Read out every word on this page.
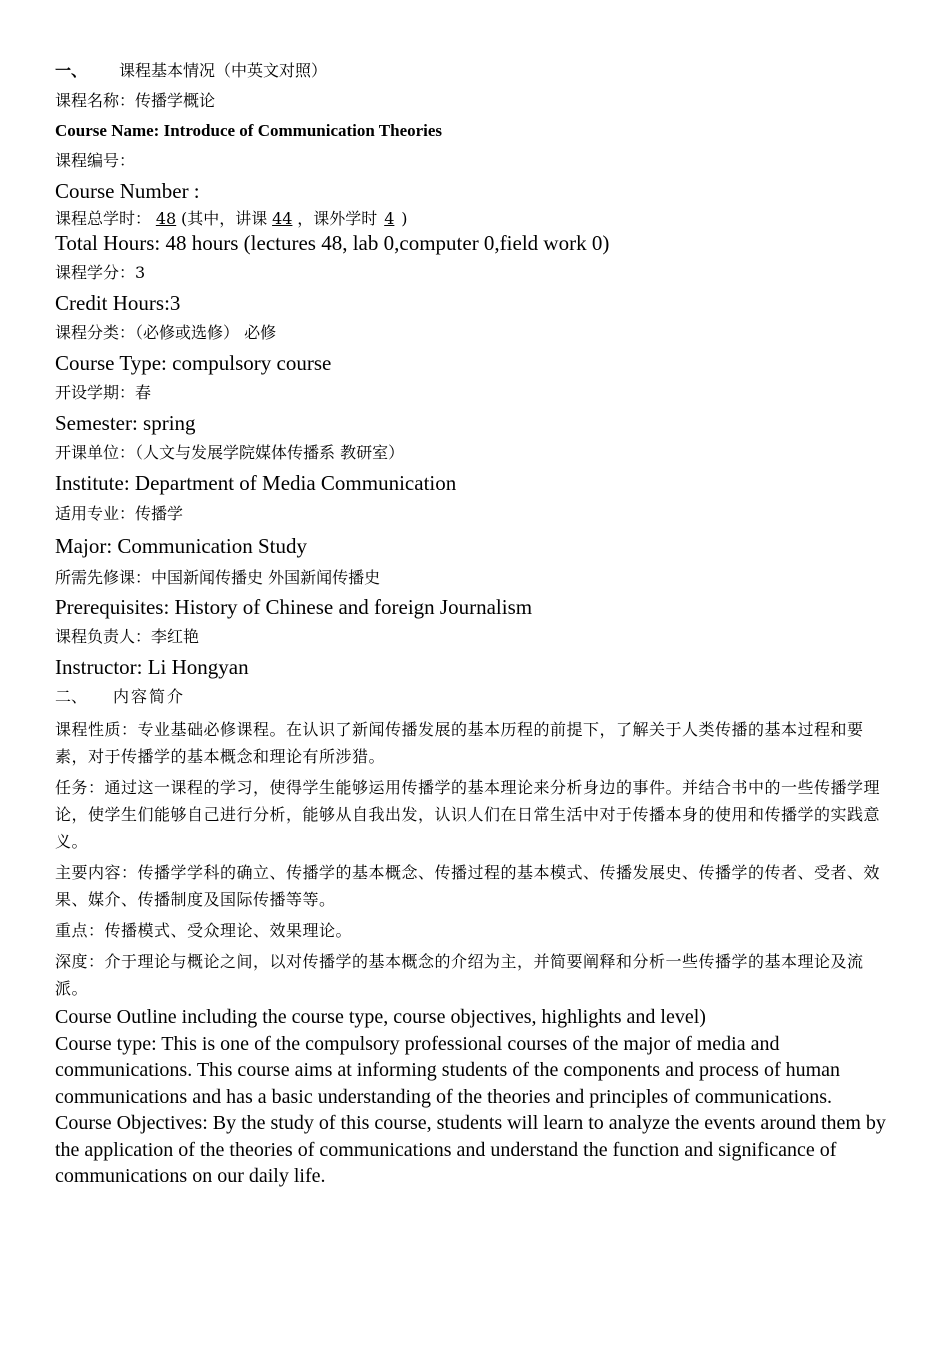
一、 课程基本情况（中英文对照）
课程名称：传播学概论
Course Name: Introduce of Communication Theories
课程编号：
Course Number :
课程总学时： 48 (其中，讲课 44 ，课外学时 4 )
Total Hours: 48 hours (lectures 48, lab 0,computer 0,field work 0)
课程学分：3
Credit Hours:3
课程分类：（必修或选修） 必修
Course Type: compulsory course
开设学期：春
Semester: spring
开课单位：（人文与发展学院媒体传播系 教研室）
Institute: Department of Media Communication
适用专业：传播学
Major: Communication Study
所需先修课：中国新闻传播史 外国新闻传播史
Prerequisites: History of Chinese and foreign Journalism
课程负责人：李红艳
Instructor: Li Hongyan
二、 内容简介
课程性质：专业基础必修课程。在认识了新闻传播发展的基本历程的前提下，了解关于人类传播的基本过程和要素，对于传播学的基本概念和理论有所涉猎。
任务：通过这一课程的学习，使得学生能够运用传播学的基本理论来分析身边的事件。并结合书中的一些传播学理论，使学生们能够自己进行分析，能够从自我出发，认识人们在日常生活中对于传播本身的使用和传播学的实践意义。
主要内容：传播学学科的确立、传播学的基本概念、传播过程的基本模式、传播发展史、传播学的传者、受者、效果、媒介、传播制度及国际传播等等。
重点：传播模式、受众理论、效果理论。
深度：介于理论与概论之间，以对传播学的基本概念的介绍为主，并简要阐释和分析一些传播学的基本理论及流派。
Course Outline including the course type, course objectives, highlights and level)
Course type: This is one of the compulsory professional courses of the major of media and communications. This course aims at informing students of the components and process of human communications and has a basic understanding of the theories and principles of communications.
Course Objectives: By the study of this course, students will learn to analyze the events around them by the application of the theories of communications and understand the function and significance of communications on our daily life.
